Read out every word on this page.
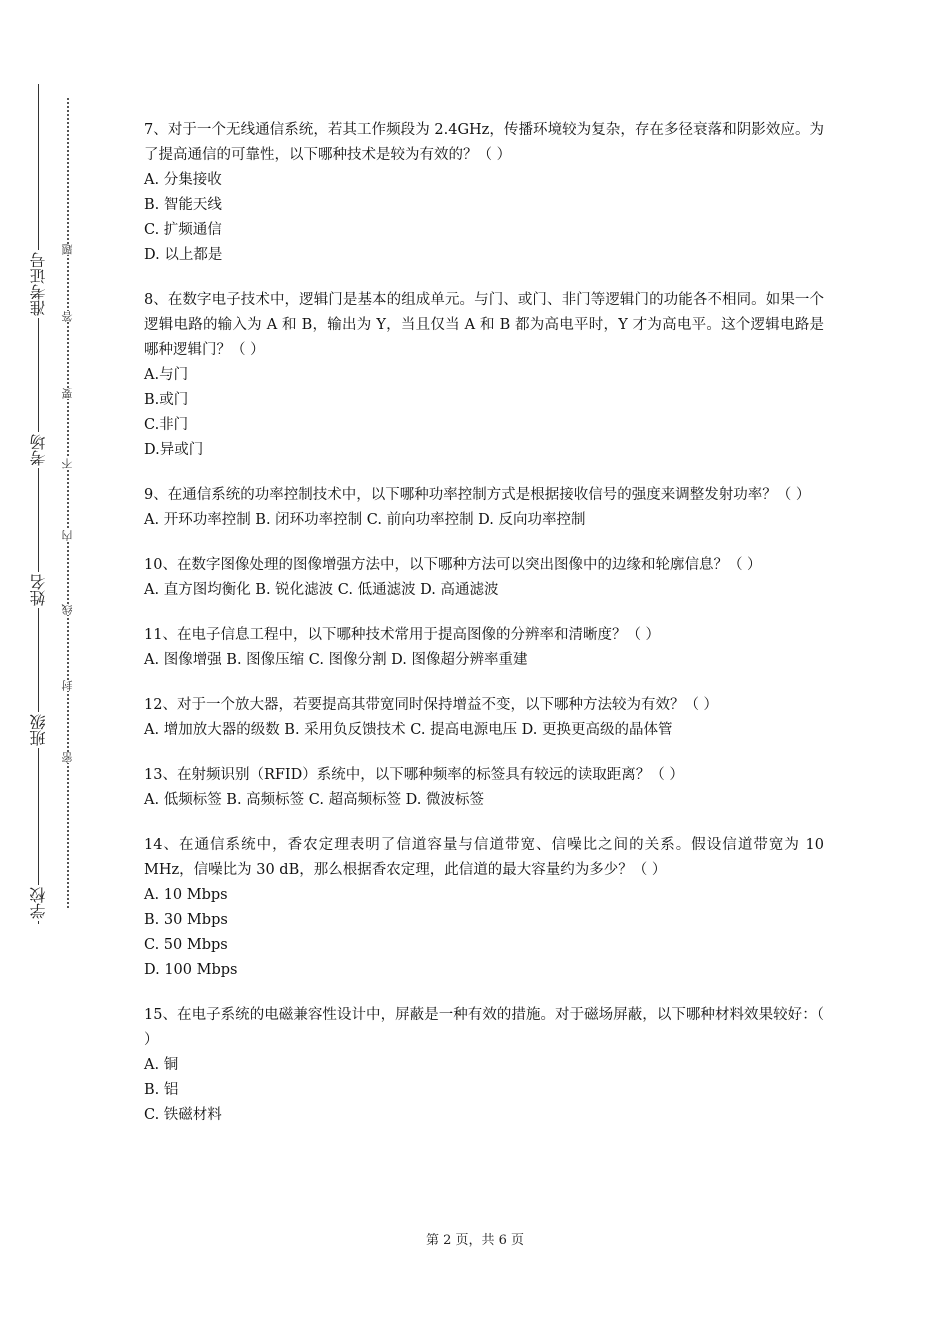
准考证号
考场
姓名
班级
学校
题
答
要
不
内
线
封
密
7、对于一个无线通信系统，若其工作频段为 2.4GHz，传播环境较为复杂，存在多径衰落和阴影效应。为了提高通信的可靠性，以下哪种技术是较为有效的？（ ）
A. 分集接收
B. 智能天线
C. 扩频通信
D. 以上都是
8、在数字电子技术中，逻辑门是基本的组成单元。与门、或门、非门等逻辑门的功能各不相同。如果一个逻辑电路的输入为 A 和 B，输出为 Y，当且仅当 A 和 B 都为高电平时，Y 才为高电平。这个逻辑电路是哪种逻辑门？（ ）
A.与门
B.或门
C.非门
D.异或门
9、在通信系统的功率控制技术中，以下哪种功率控制方式是根据接收信号的强度来调整发射功率？（ ）
A. 开环功率控制 B. 闭环功率控制 C. 前向功率控制 D. 反向功率控制
10、在数字图像处理的图像增强方法中，以下哪种方法可以突出图像中的边缘和轮廓信息？（ ）
A. 直方图均衡化 B. 锐化滤波 C. 低通滤波 D. 高通滤波
11、在电子信息工程中，以下哪种技术常用于提高图像的分辨率和清晰度？（ ）
A. 图像增强 B. 图像压缩 C. 图像分割 D. 图像超分辨率重建
12、对于一个放大器，若要提高其带宽同时保持增益不变，以下哪种方法较为有效？（ ）
A. 增加放大器的级数 B. 采用负反馈技术 C. 提高电源电压 D. 更换更高级的晶体管
13、在射频识别（RFID）系统中，以下哪种频率的标签具有较远的读取距离？（ ）
A. 低频标签 B. 高频标签 C. 超高频标签 D. 微波标签
14、在通信系统中，香农定理表明了信道容量与信道带宽、信噪比之间的关系。假设信道带宽为 10 MHz，信噪比为 30 dB，那么根据香农定理，此信道的最大容量约为多少？（ ）
A. 10 Mbps
B. 30 Mbps
C. 50 Mbps
D. 100 Mbps
15、在电子系统的电磁兼容性设计中，屏蔽是一种有效的措施。对于磁场屏蔽，以下哪种材料效果较好：（ ）
A. 铜
B. 铝
C. 铁磁材料
第 2 页，共 6 页
